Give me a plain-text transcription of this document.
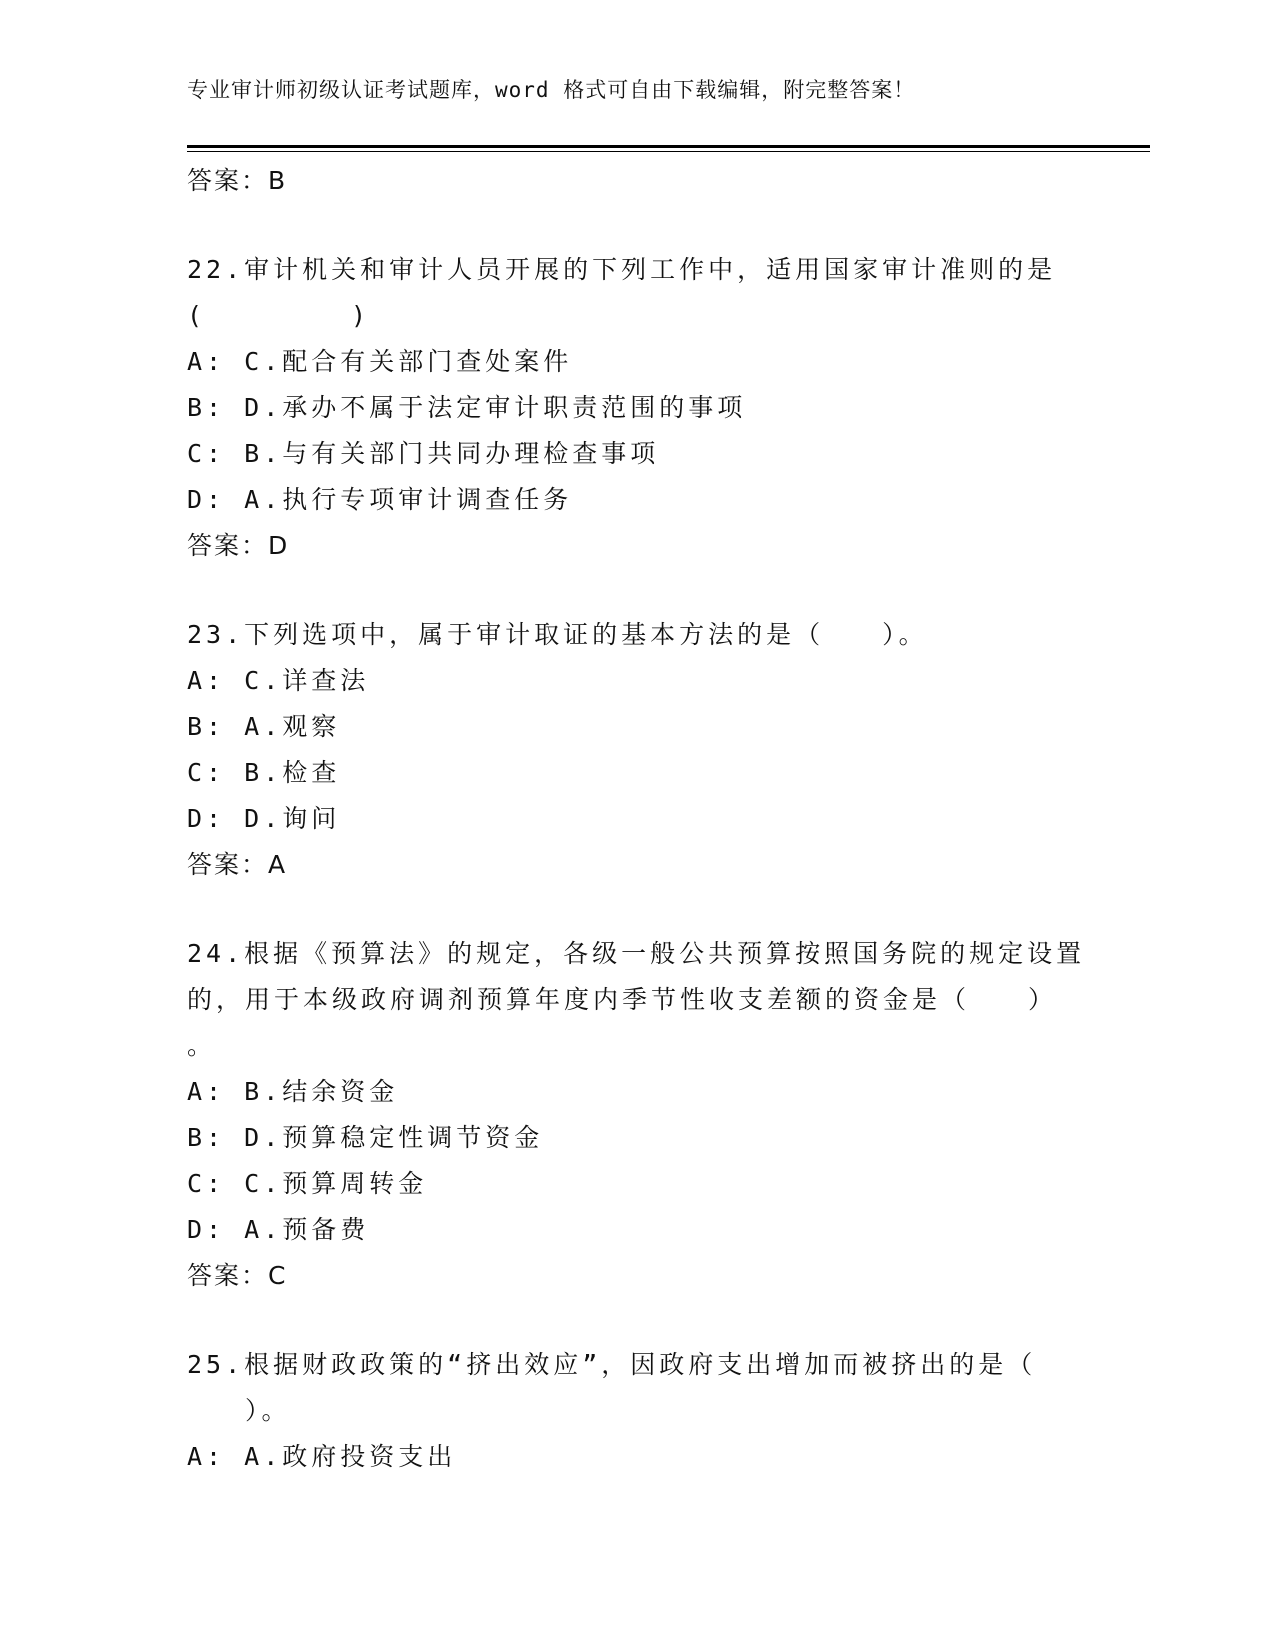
专业审计师初级认证考试题库，word 格式可自由下载编辑，附完整答案！
答案：B
22.审计机关和审计人员开展的下列工作中，适用国家审计准则的是
(　　　　　)
A: C.配合有关部门查处案件
B: D.承办不属于法定审计职责范围的事项
C: B.与有关部门共同办理检查事项
D: A.执行专项审计调查任务
答案：D
23.下列选项中，属于审计取证的基本方法的是（　　）。
A: C.详查法
B: A.观察
C: B.检查
D: D.询问
答案：A
24.根据《预算法》的规定，各级一般公共预算按照国务院的规定设置
的，用于本级政府调剂预算年度内季节性收支差额的资金是（　　）
。
A: B.结余资金
B: D.预算稳定性调节资金
C: C.预算周转金
D: A.预备费
答案：C
25.根据财政政策的“挤出效应”，因政府支出增加而被挤出的是（
　　）。
A: A.政府投资支出
